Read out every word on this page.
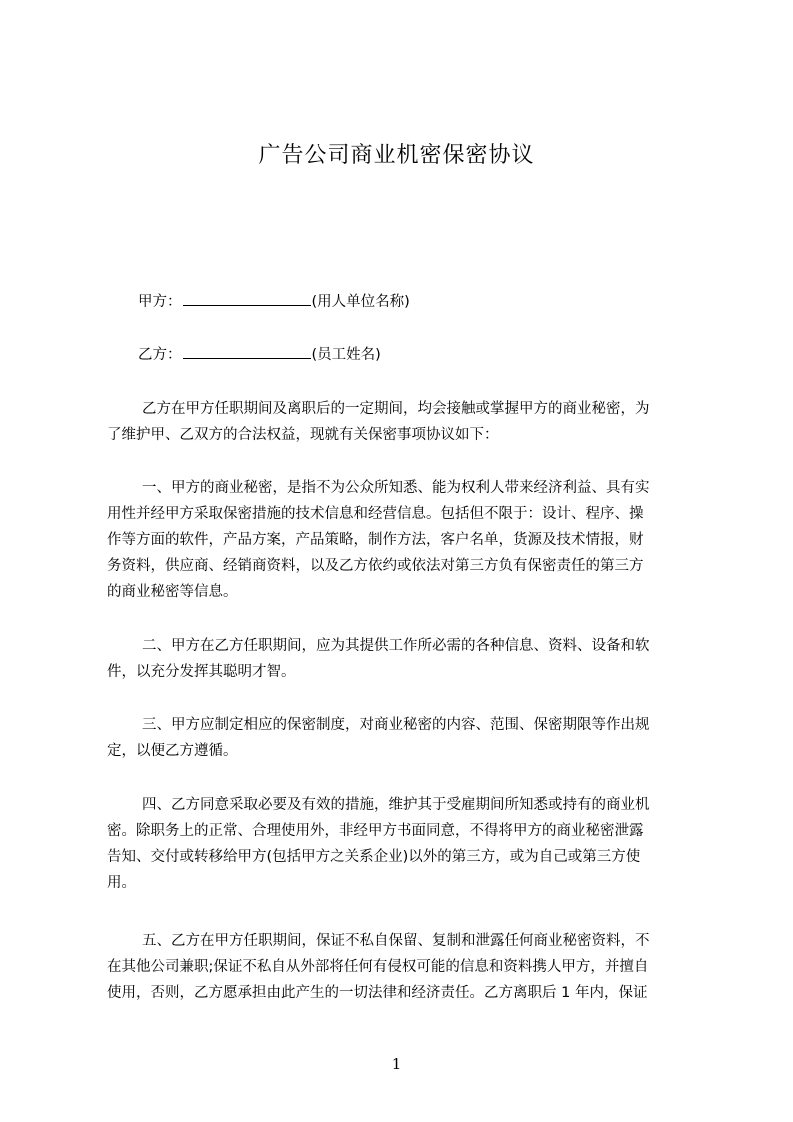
广告公司商业机密保密协议
甲方：	(用人单位名称)
乙方：	(员工姓名)
乙方在甲方任职期间及离职后的一定期间，均会接触或掌握甲方的商业秘密，为
了维护甲、乙双方的合法权益，现就有关保密事项协议如下：
一、甲方的商业秘密，是指不为公众所知悉、能为权利人带来经济利益、具有实
用性并经甲方采取保密措施的技术信息和经营信息。包括但不限于：设计、程序、操
作等方面的软件，产品方案，产品策略，制作方法，客户名单，货源及技术情报，财
务资料，供应商、经销商资料，以及乙方依约或依法对第三方负有保密责任的第三方
的商业秘密等信息。
二、甲方在乙方任职期间，应为其提供工作所必需的各种信息、资料、设备和软
件，以充分发挥其聪明才智。
三、甲方应制定相应的保密制度，对商业秘密的内容、范围、保密期限等作出规
定，以便乙方遵循。
四、乙方同意采取必要及有效的措施，维护其于受雇期间所知悉或持有的商业机
密。除职务上的正常、合理使用外，非经甲方书面同意，不得将甲方的商业秘密泄露
告知、交付或转移给甲方(包括甲方之关系企业)以外的第三方，或为自己或第三方使
用。
五、乙方在甲方任职期间，保证不私自保留、复制和泄露任何商业秘密资料，不
在其他公司兼职;保证不私自从外部将任何有侵权可能的信息和资料携人甲方，并擅自
使用，否则，乙方愿承担由此产生的一切法律和经济责任。乙方离职后 1 年内，保证
1
